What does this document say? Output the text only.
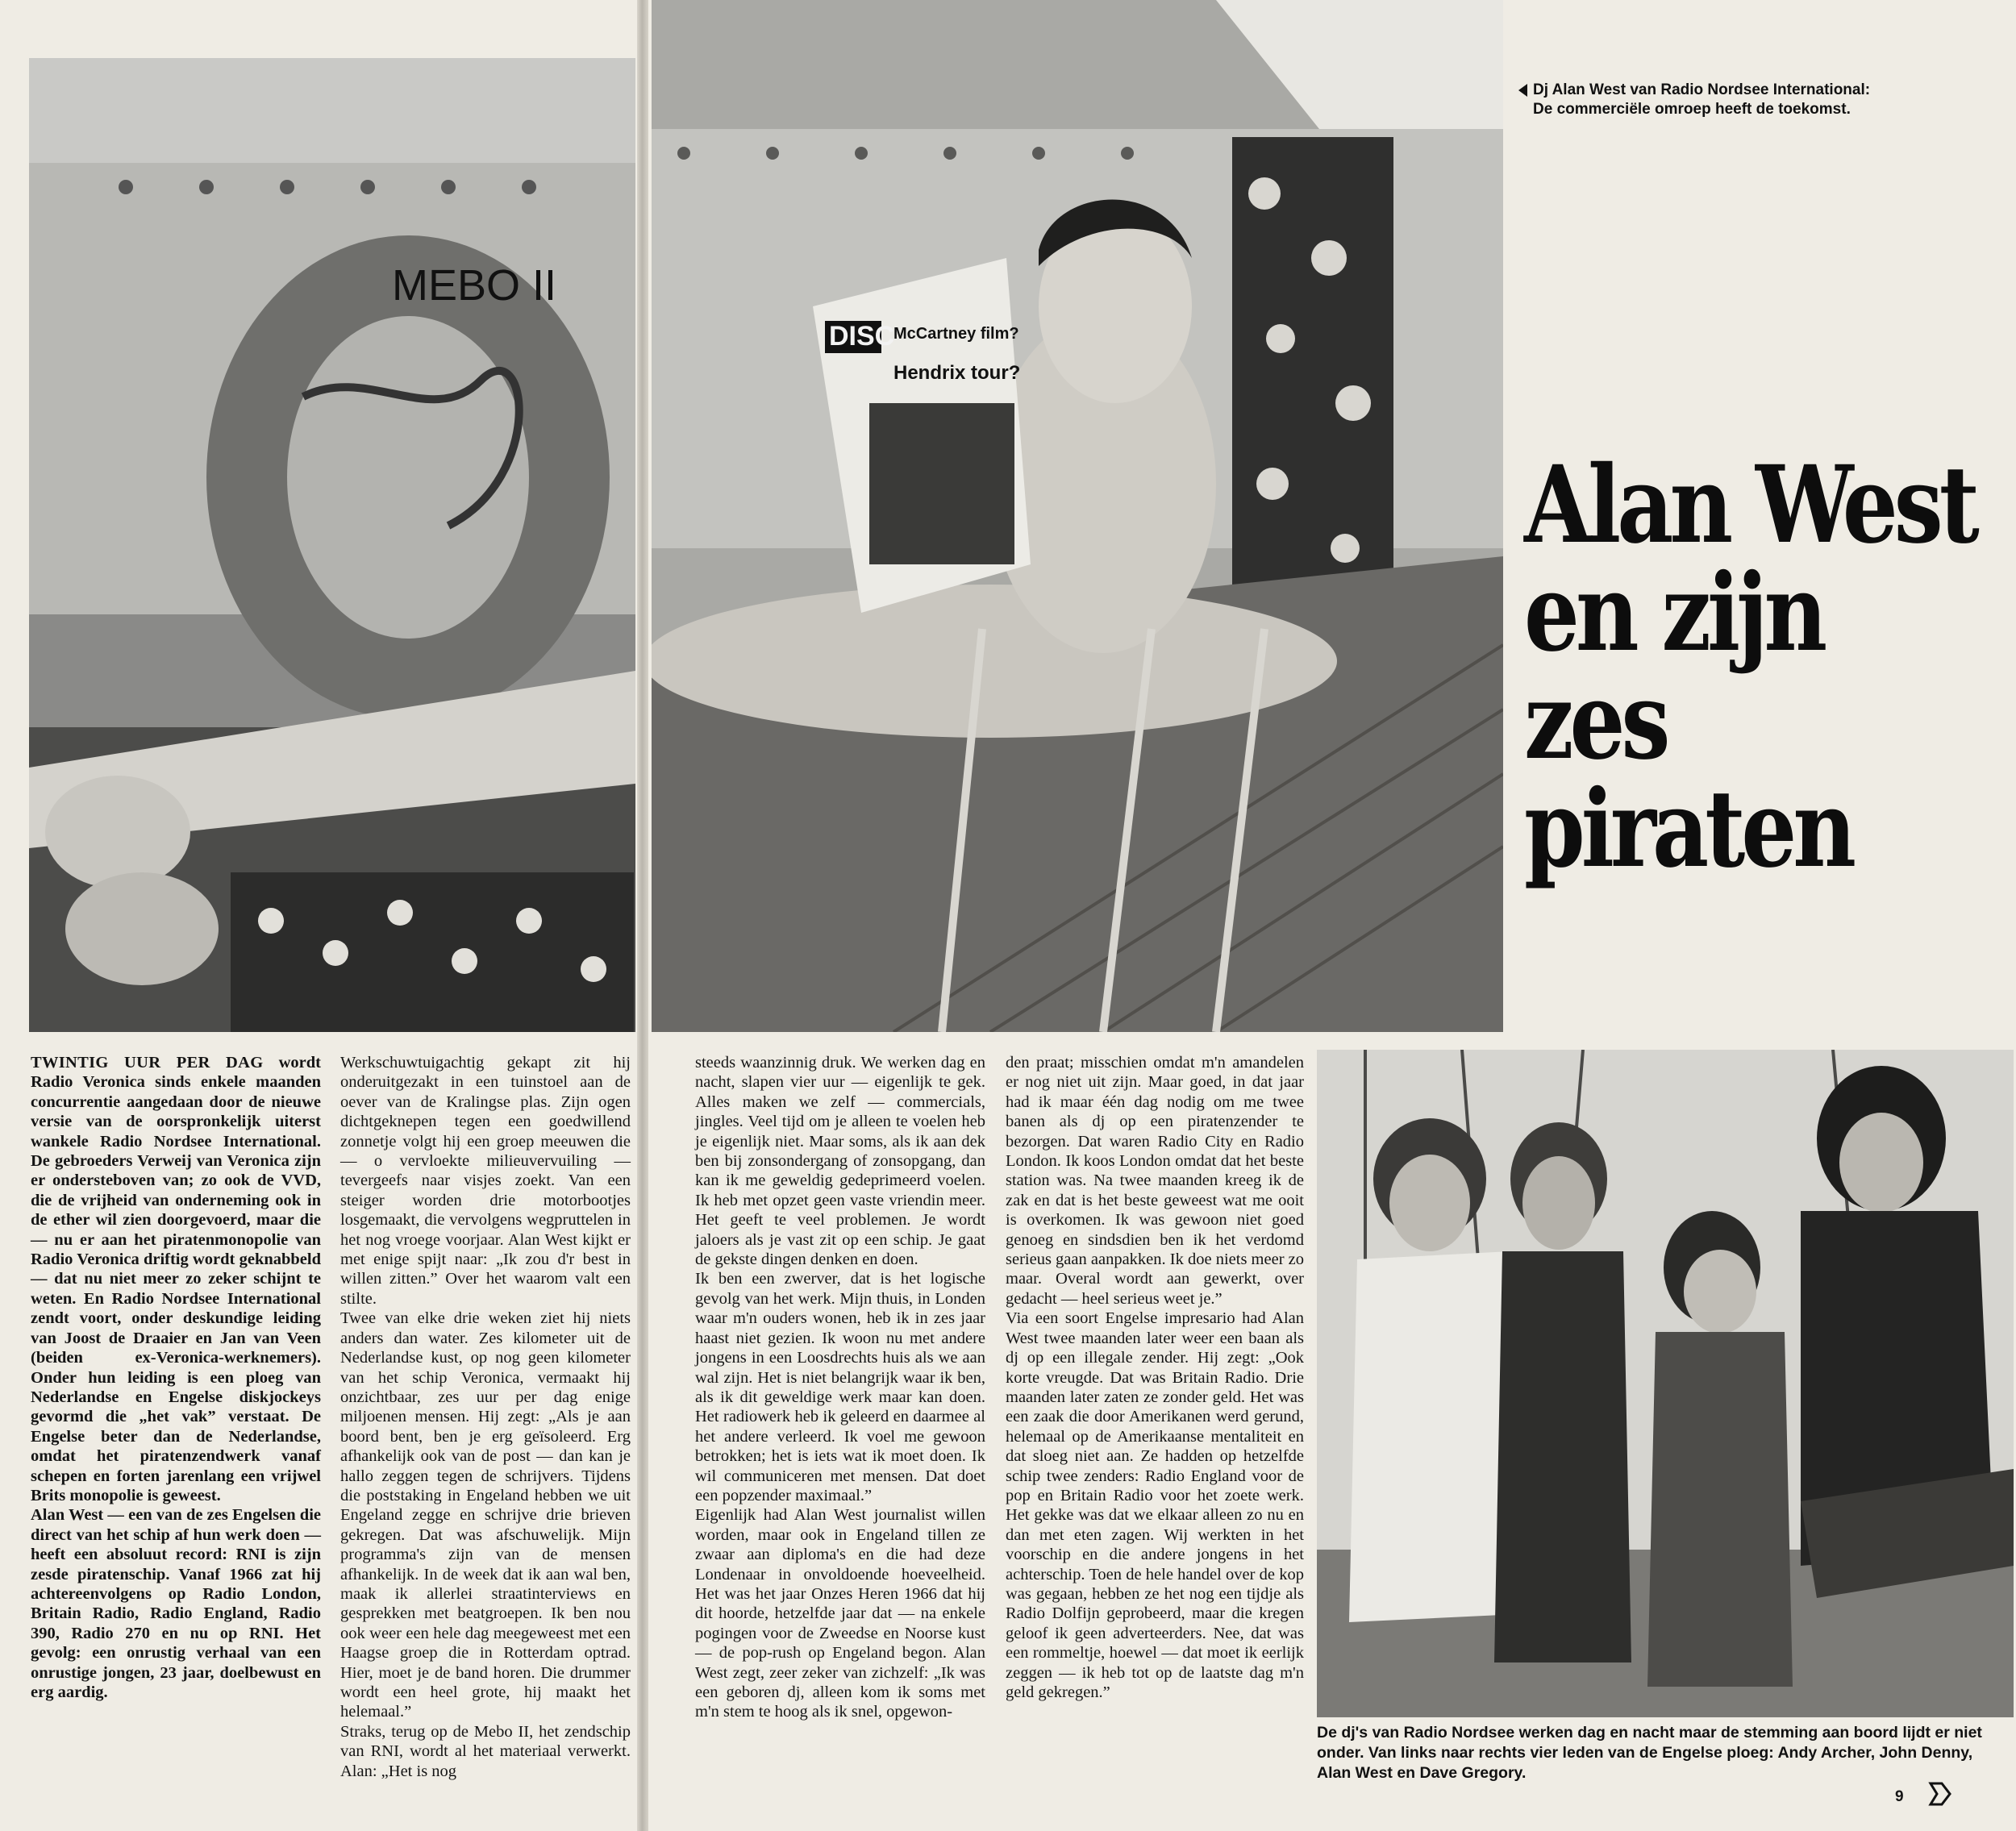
MEBO II
DISC
McCartney film?
Hendrix tour?
Dj Alan West van Radio Nordsee International: De commerciële omroep heeft de toekomst.
Alan West
en zijn
zes
piraten

TWINTIG UUR PER DAG wordt Radio Veronica sinds enkele maanden concurrentie aangedaan door de nieuwe versie van de oorspronkelijk uiterst wankele Radio Nordsee International. De gebroeders Verweij van Veronica zijn er ondersteboven van; zo ook de VVD, die de vrijheid van onderneming ook in de ether wil zien doorgevoerd, maar die — nu er aan het piratenmonopolie van Radio Veronica driftig wordt geknabbeld — dat nu niet meer zo zeker schijnt te weten. En Radio Nordsee International zendt voort, onder deskundige leiding van Joost de Draaier en Jan van Veen (beiden ex-Veronica-werknemers). Onder hun leiding is een ploeg van Nederlandse en Engelse diskjockeys gevormd die „het vak” verstaat. De Engelse beter dan de Nederlandse, omdat het piratenzendwerk vanaf schepen en forten jarenlang een vrijwel Brits monopolie is geweest.

Alan West — een van de zes Engelsen die direct van het schip af hun werk doen — heeft een absoluut record: RNI is zijn zesde piratenschip. Vanaf 1966 zat hij achtereenvolgens op Radio London, Britain Radio, Radio England, Radio 390, Radio 270 en nu op RNI. Het gevolg: een onrustig verhaal van een onrustige jongen, 23 jaar, doelbewust en erg aardig.

Werkschuwtuigachtig gekapt zit hij onderuitgezakt in een tuinstoel aan de oever van de Kralingse plas. Zijn ogen dichtgeknepen tegen een goedwillend zonnetje volgt hij een groep meeuwen die — o vervloekte milieuvervuiling — tevergeefs naar visjes zoekt. Van een steiger worden drie motorbootjes losgemaakt, die vervolgens wegpruttelen in het nog vroege voorjaar. Alan West kijkt er met enige spijt naar: „Ik zou d'r best in willen zitten.” Over het waarom valt een stilte.

Twee van elke drie weken ziet hij niets anders dan water. Zes kilometer uit de Nederlandse kust, op nog geen kilometer van het schip Veronica, vermaakt hij onzichtbaar, zes uur per dag enige miljoenen mensen. Hij zegt: „Als je aan boord bent, ben je erg geïsoleerd. Erg afhankelijk ook van de post — dan kan je hallo zeggen tegen de schrijvers. Tijdens die poststaking in Engeland hebben we uit Engeland zegge en schrijve drie brieven gekregen. Dat was afschuwelijk. Mijn programma's zijn van de mensen afhankelijk. In de week dat ik aan wal ben, maak ik allerlei straatinterviews en gesprekken met beatgroepen. Ik ben nou ook weer een hele dag meegeweest met een Haagse groep die in Rotterdam optrad. Hier, moet je de band horen. Die drummer wordt een heel grote, hij maakt het helemaal.”

Straks, terug op de Mebo II, het zendschip van RNI, wordt al het materiaal verwerkt. Alan: „Het is nog

steeds waanzinnig druk. We werken dag en nacht, slapen vier uur — eigenlijk te gek. Alles maken we zelf — commercials, jingles. Veel tijd om je alleen te voelen heb je eigenlijk niet. Maar soms, als ik aan dek ben bij zonsondergang of zonsopgang, dan kan ik me geweldig gedeprimeerd voelen. Ik heb met opzet geen vaste vriendin meer. Het geeft te veel problemen. Je wordt jaloers als je vast zit op een schip. Je gaat de gekste dingen denken en doen.

Ik ben een zwerver, dat is het logische gevolg van het werk. Mijn thuis, in Londen waar m'n ouders wonen, heb ik in zes jaar haast niet gezien. Ik woon nu met andere jongens in een Loosdrechts huis als we aan wal zijn. Het is niet belangrijk waar ik ben, als ik dit geweldige werk maar kan doen. Het radiowerk heb ik geleerd en daarmee al het andere verleerd. Ik voel me gewoon betrokken; het is iets wat ik moet doen. Ik wil communiceren met mensen. Dat doet een popzender maximaal.”

Eigenlijk had Alan West journalist willen worden, maar ook in Engeland tillen ze zwaar aan diploma's en die had deze Londenaar in onvoldoende hoeveelheid. Het was het jaar Onzes Heren 1966 dat hij dit hoorde, hetzelfde jaar dat — na enkele pogingen voor de Zweedse en Noorse kust — de pop-rush op Engeland begon. Alan West zegt, zeer zeker van zichzelf: „Ik was een geboren dj, alleen kom ik soms met m'n stem te hoog als ik snel, opgewon-

den praat; misschien omdat m'n amandelen er nog niet uit zijn. Maar goed, in dat jaar had ik maar één dag nodig om me twee banen als dj op een piratenzender te bezorgen. Dat waren Radio City en Radio London. Ik koos London omdat dat het beste station was. Na twee maanden kreeg ik de zak en dat is het beste geweest wat me ooit is overkomen. Ik was gewoon niet goed genoeg en sindsdien ben ik het verdomd serieus gaan aanpakken. Ik doe niets meer zo maar. Overal wordt aan gewerkt, over gedacht — heel serieus weet je.”

Via een soort Engelse impresario had Alan West twee maanden later weer een baan als dj op een illegale zender. Hij zegt: „Ook korte vreugde. Dat was Britain Radio. Drie maanden later zaten ze zonder geld. Het was een zaak die door Amerikanen werd gerund, helemaal op de Amerikaanse mentaliteit en dat sloeg niet aan. Ze hadden op hetzelfde schip twee zenders: Radio England voor de pop en Britain Radio voor het zoete werk. Het gekke was dat we elkaar alleen zo nu en dan met eten zagen. Wij werkten in het voorschip en die andere jongens in het achterschip. Toen de hele handel over de kop was gegaan, hebben ze het nog een tijdje als Radio Dolfijn geprobeerd, maar die kregen geloof ik geen adverteerders. Nee, dat was een rommeltje, hoewel — dat moet ik eerlijk zeggen — ik heb tot op de laatste dag m'n geld gekregen.”

De dj's van Radio Nordsee werken dag en nacht maar de stemming aan boord lijdt er niet onder. Van links naar rechts vier leden van de Engelse ploeg: Andy Archer, John Denny, Alan West en Dave Gregory.
9
